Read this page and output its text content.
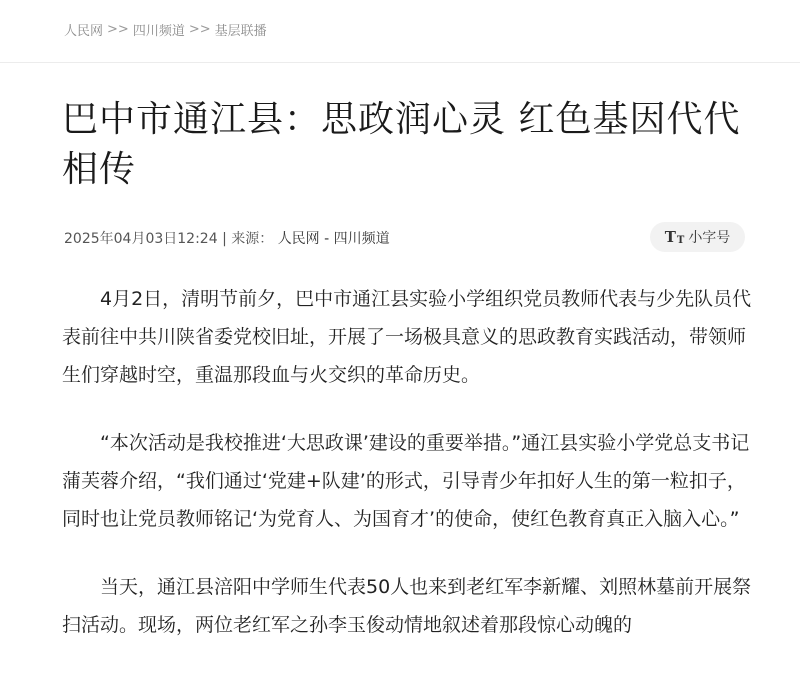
人民网 >> 四川频道 >> 基层联播
巴中市通江县：思政润心灵 红色基因代代相传
2025年04月03日12:24 | 来源： 人民网 - 四川频道	T T 小字号

4月2日，清明节前夕，巴中市通江县实验小学组织党员教师代表与少先队员代表前往中共川陕省委党校旧址，开展了一场极具意义的思政教育实践活动，带领师生们穿越时空，重温那段血与火交织的革命历史。

“本次活动是我校推进‘大思政课’建设的重要举措。”通江县实验小学党总支书记蒲芙蓉介绍，“我们通过‘党建+队建’的形式，引导青少年扣好人生的第一粒扣子，同时也让党员教师铭记‘为党育人、为国育才’的使命，使红色教育真正入脑入心。”

当天，通江县涪阳中学师生代表50人也来到老红军李新耀、刘照林墓前开展祭扫活动。现场，两位老红军之孙李玉俊动情地叙述着那段惊心动魄的
